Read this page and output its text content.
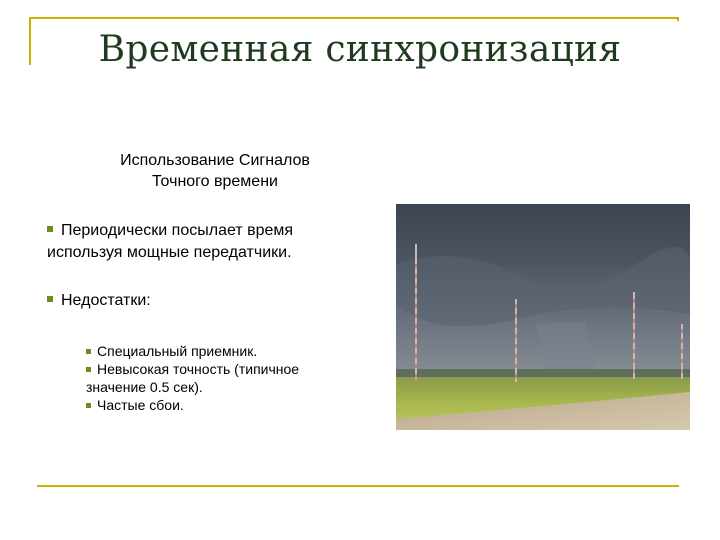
Временная синхронизация
Использование Сигналов
Точного времени
Периодически посылает время
используя мощные передатчики.
Недостатки:
Специальный приемник.
Невысокая точность (типичное
значение 0.5 сек).
Частые сбои.
